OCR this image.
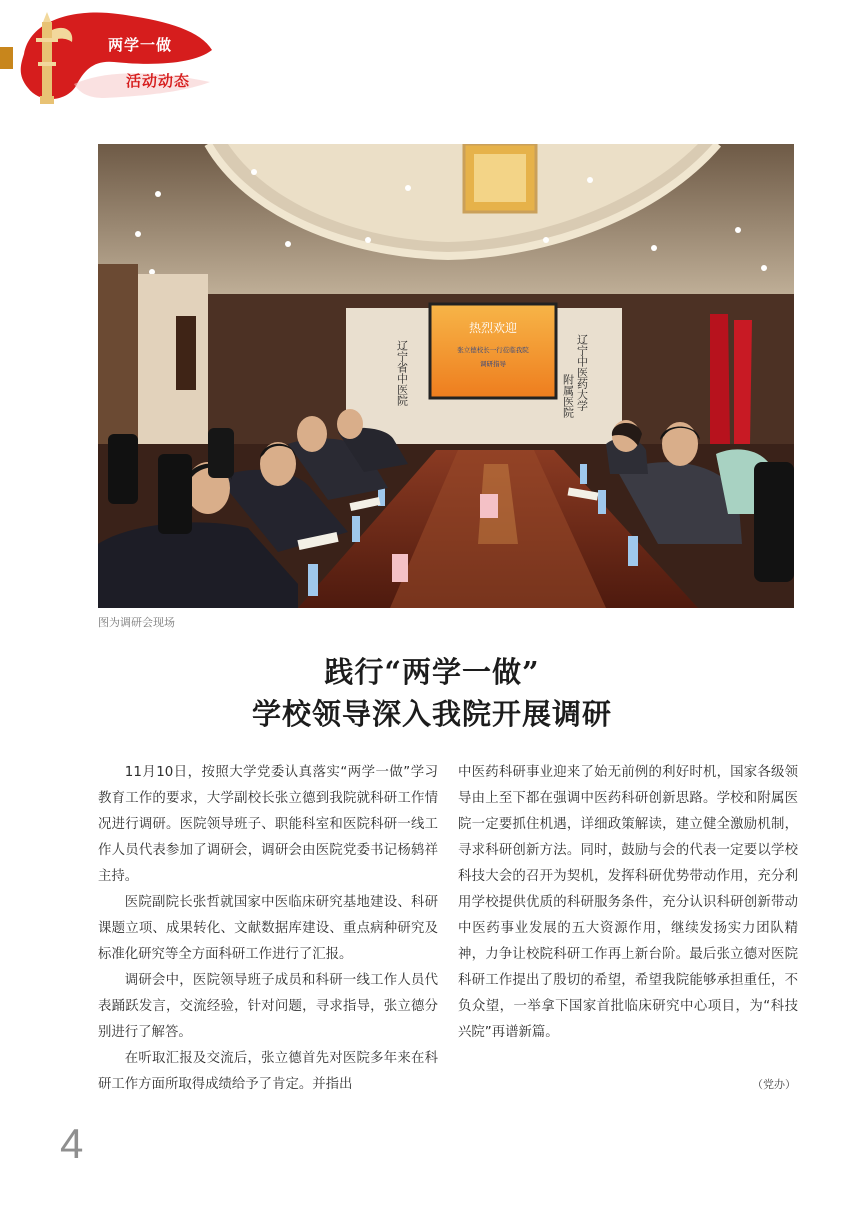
两学一做
活动动态
热烈欢迎
张立德校长一行莅临我院
调研指导
辽宁省中医院	辽宁中医药大学
附属医院
图为调研会现场
践行“两学一做”
学校领导深入我院开展调研

11月10日，按照大学党委认真落实“两学一做”学习教育工作的要求，大学副校长张立德到我院就科研工作情况进行调研。医院领导班子、职能科室和医院科研一线工作人员代表参加了调研会，调研会由医院党委书记杨鸫祥主持。

医院副院长张哲就国家中医临床研究基地建设、科研课题立项、成果转化、文献数据库建设、重点病种研究及标准化研究等全方面科研工作进行了汇报。

调研会中，医院领导班子成员和科研一线工作人员代表踊跃发言，交流经验，针对问题，寻求指导，张立德分别进行了解答。

在听取汇报及交流后，张立德首先对医院多年来在科研工作方面所取得成绩给予了肯定。并指出

中医药科研事业迎来了始无前例的利好时机，国家各级领导由上至下都在强调中医药科研创新思路。学校和附属医院一定要抓住机遇，详细政策解读，建立健全激励机制，寻求科研创新方法。同时，鼓励与会的代表一定要以学校科技大会的召开为契机，发挥科研优势带动作用，充分利用学校提供优质的科研服务条件，充分认识科研创新带动中医药事业发展的五大资源作用，继续发扬实力团队精神，力争让校院科研工作再上新台阶。最后张立德对医院科研工作提出了殷切的希望，希望我院能够承担重任，不负众望，一举拿下国家首批临床研究中心项目，为“科技兴院”再谱新篇。

（党办）
4
